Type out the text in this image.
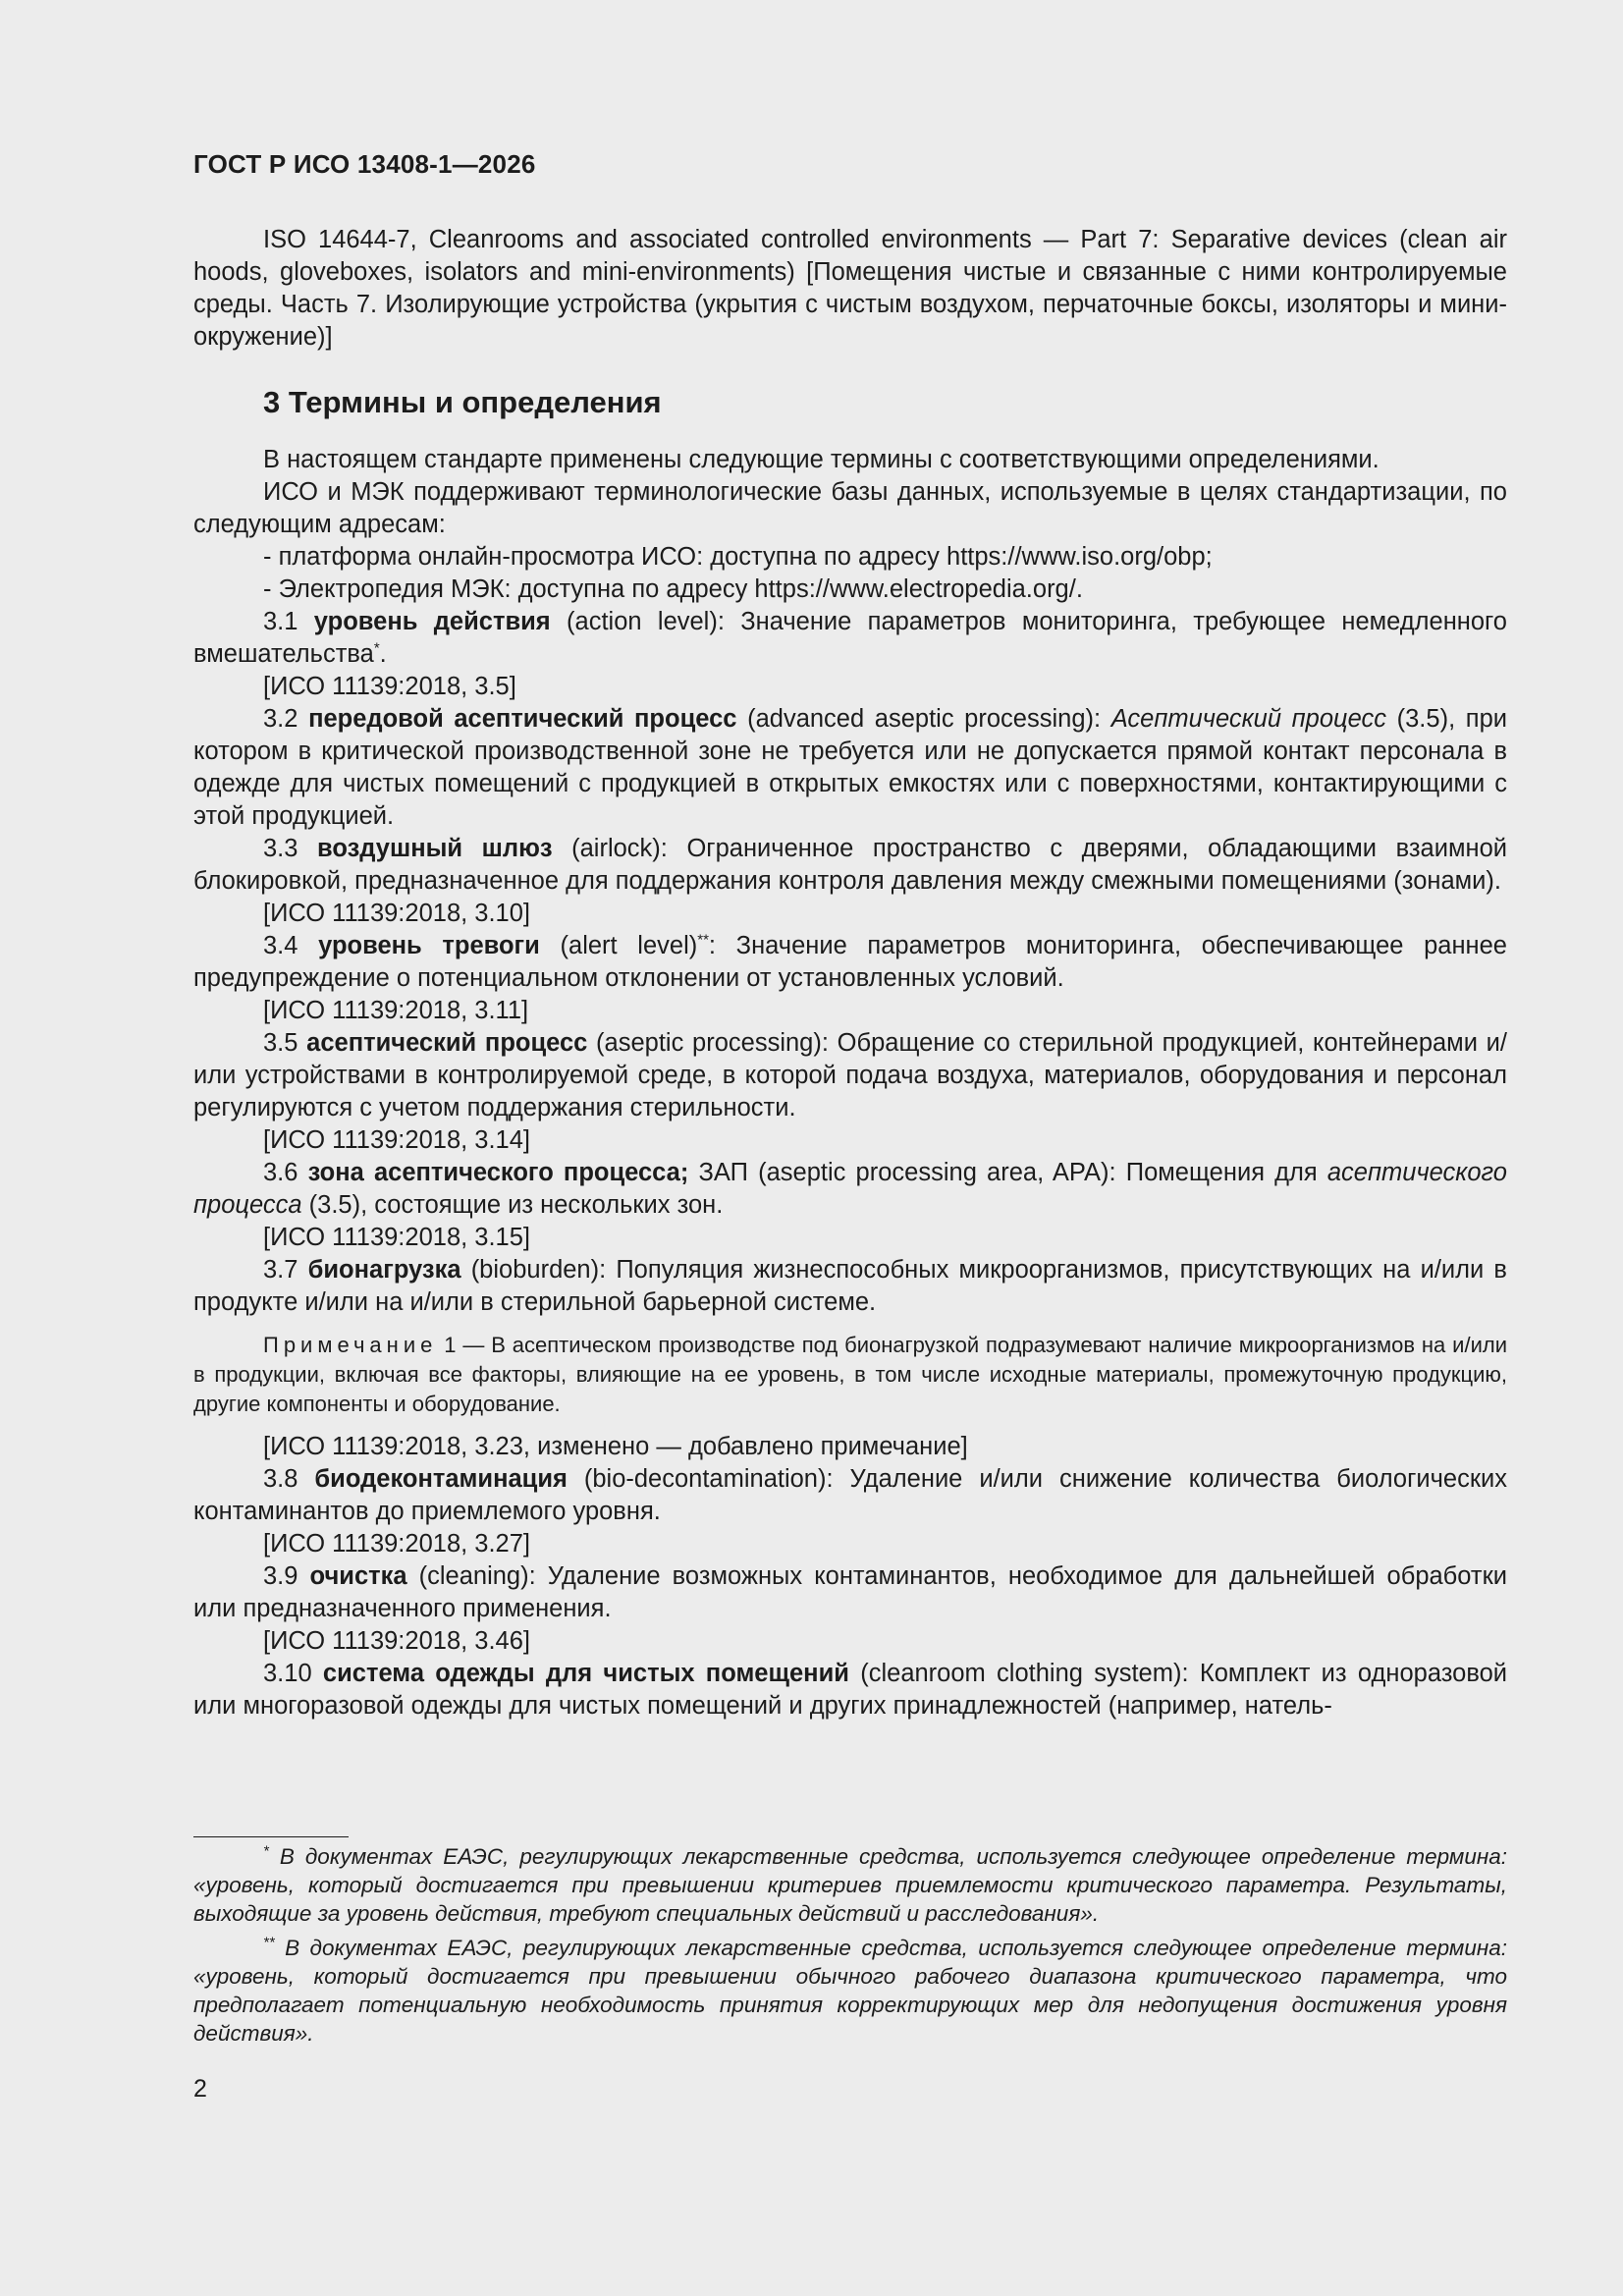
ГОСТ Р ИСО 13408-1—2026

ISO 14644-7, Cleanrooms and associated controlled environments — Part 7: Separative devices (clean air hoods, gloveboxes, isolators and mini-environments) [Помещения чистые и связанные с ними контролируемые среды. Часть 7. Изолирующие устройства (укрытия с чистым воздухом, перчаточные боксы, изоляторы и мини-окружение)]

3 Термины и определения

В настоящем стандарте применены следующие термины с соответствующими определениями.

ИСО и МЭК поддерживают терминологические базы данных, используемые в целях стандартизации, по следующим адресам:

- платформа онлайн-просмотра ИСО: доступна по адресу https://www.iso.org/obp;

- Электропедия МЭК: доступна по адресу https://www.electropedia.org/.

3.1 уровень действия (action level): Значение параметров мониторинга, требующее немедленного вмешательства*.

[ИСО 11139:2018, 3.5]

3.2 передовой асептический процесс (advanced aseptic processing): Асептический процесс (3.5), при котором в критической производственной зоне не требуется или не допускается прямой контакт персонала в одежде для чистых помещений с продукцией в открытых емкостях или с поверхностями, контактирующими с этой продукцией.

3.3 воздушный шлюз (airlock): Ограниченное пространство с дверями, обладающими взаимной блокировкой, предназначенное для поддержания контроля давления между смежными помещениями (зонами).

[ИСО 11139:2018, 3.10]

3.4 уровень тревоги (alert level)**: Значение параметров мониторинга, обеспечивающее раннее предупреждение о потенциальном отклонении от установленных условий.

[ИСО 11139:2018, 3.11]

3.5 асептический процесс (aseptic processing): Обращение со стерильной продукцией, контейнерами и/или устройствами в контролируемой среде, в которой подача воздуха, материалов, оборудования и персонал регулируются с учетом поддержания стерильности.

[ИСО 11139:2018, 3.14]

3.6 зона асептического процесса; ЗАП (aseptic processing area, APA): Помещения для асептического процесса (3.5), состоящие из нескольких зон.

[ИСО 11139:2018, 3.15]

3.7 бионагрузка (bioburden): Популяция жизнеспособных микроорганизмов, присутствующих на и/или в продукте и/или на и/или в стерильной барьерной системе.

Примечание 1 — В асептическом производстве под бионагрузкой подразумевают наличие микроорганизмов на и/или в продукции, включая все факторы, влияющие на ее уровень, в том числе исходные материалы, промежуточную продукцию, другие компоненты и оборудование.

[ИСО 11139:2018, 3.23, изменено — добавлено примечание]

3.8 биодеконтаминация (bio-decontamination): Удаление и/или снижение количества биологических контаминантов до приемлемого уровня.

[ИСО 11139:2018, 3.27]

3.9 очистка (cleaning): Удаление возможных контаминантов, необходимое для дальнейшей обработки или предназначенного применения.

[ИСО 11139:2018, 3.46]

3.10 система одежды для чистых помещений (cleanroom clothing system): Комплект из одноразовой или многоразовой одежды для чистых помещений и других принадлежностей (например, натель-

* В документах ЕАЭС, регулирующих лекарственные средства, используется следующее определение термина: «уровень, который достигается при превышении критериев приемлемости критического параметра. Результаты, выходящие за уровень действия, требуют специальных действий и расследования».

** В документах ЕАЭС, регулирующих лекарственные средства, используется следующее определение термина: «уровень, который достигается при превышении обычного рабочего диапазона критического параметра, что предполагает потенциальную необходимость принятия корректирующих мер для недопущения достижения уровня действия».

2
